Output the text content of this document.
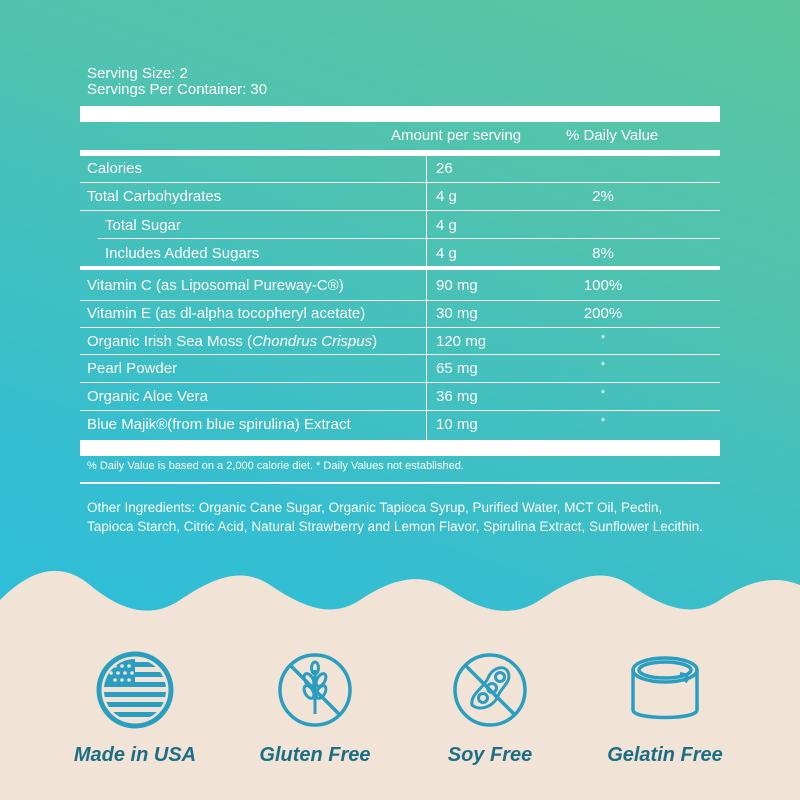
Serving Size: 2
Servings Per Container: 30
Amount per serving	% Daily Value
Calories	26
Total Carbohydrates	4 g	2%
Total Sugar	4 g
Includes Added Sugars	4 g	8%
Vitamin C (as Liposomal Pureway-C®)	90 mg	100%
Vitamin E (as dl-alpha tocopheryl acetate)	30 mg	200%
Organic Irish Sea Moss (Chondrus Crispus)	120 mg	*
Pearl Powder	65 mg	*
Organic Aloe Vera	36 mg	*
Blue Majik®(from blue spirulina) Extract	10 mg	*
% Daily Value is based on a 2,000 calorie diet. * Daily Values not established.
Other Ingredients: Organic Cane Sugar, Organic Tapioca Syrup, Purified Water, MCT Oil, Pectin, Tapioca Starch, Citric Acid, Natural Strawberry and Lemon Flavor, Spirulina Extract, Sunflower Lecithin.
Made in USA	Gluten Free	Soy Free	Gelatin Free
